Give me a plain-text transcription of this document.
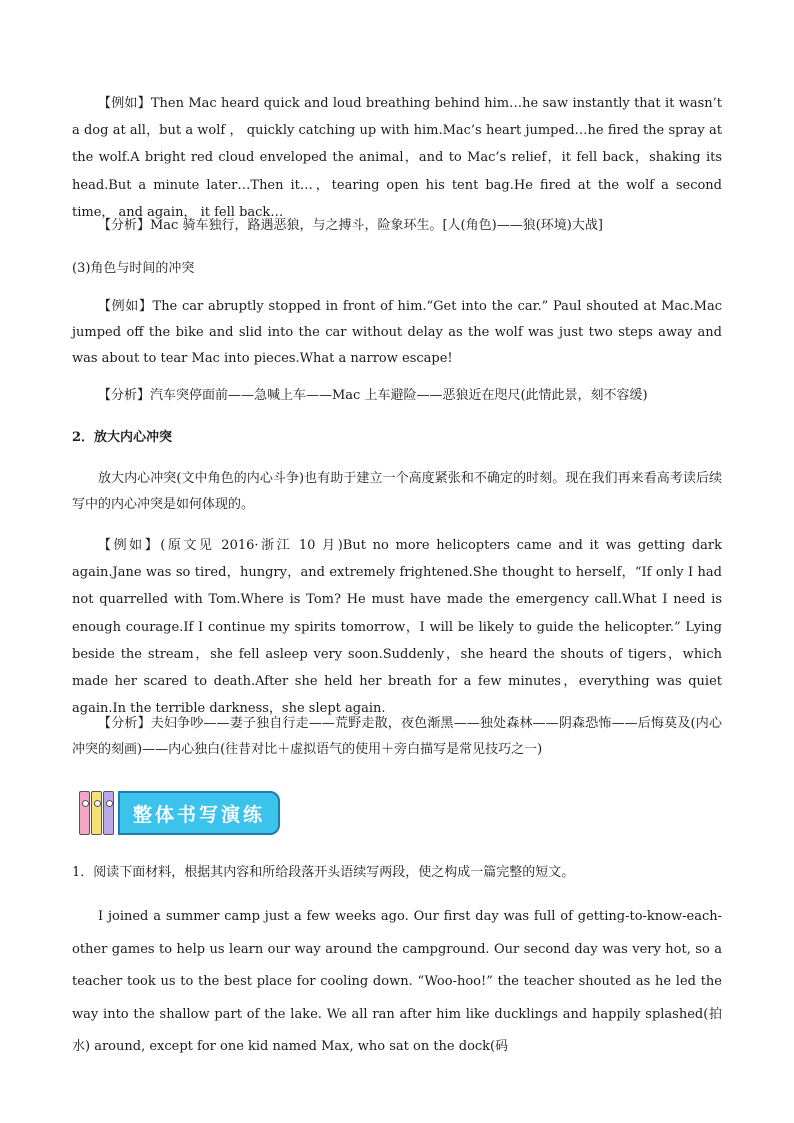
【例如】Then Mac heard quick and loud breathing behind him…he saw instantly that it wasn’t a dog at all，but a wolf ， quickly catching up with him.Mac’s heart jumped…he fired the spray at the wolf.A bright red cloud enveloped the animal，and to Mac’s relief，it fell back，shaking its head.But a minute later…Then it…，tearing open his tent bag.He fired at the wolf a second time， and again， it fell back…

【分析】Mac 骑车独行，路遇恶狼，与之搏斗，险象环生。[人(角色)——狼(环境)大战]

(3)角色与时间的冲突

【例如】The car abruptly stopped in front of him.“Get into the car.” Paul shouted at Mac.Mac jumped off the bike and slid into the car without delay as the wolf was just two steps away and was about to tear Mac into pieces.What a narrow escape!

【分析】汽车突停面前——急喊上车——Mac 上车避险——恶狼近在咫尺(此情此景，刻不容缓)

2．放大内心冲突

放大内心冲突(文中角色的内心斗争)也有助于建立一个高度紧张和不确定的时刻。现在我们再来看高考读后续写中的内心冲突是如何体现的。

【例如】(原文见 2016·浙江 10 月)But no more helicopters came and it was getting dark again.Jane was so tired，hungry，and extremely frightened.She thought to herself，“If only I had not quarrelled with Tom.Where is Tom? He must have made the emergency call.What I need is enough courage.If I continue my spirits tomorrow，I will be likely to guide the helicopter.” Lying beside the stream，she fell asleep very soon.Suddenly，she heard the shouts of tigers，which made her scared to death.After she held her breath for a few minutes，everything was quiet again.In the terrible darkness，she slept again.

【分析】夫妇争吵——妻子独自行走——荒野走散，夜色渐黑——独处森林——阴森恐怖——后悔莫及(内心冲突的刻画)——内心独白(往昔对比＋虚拟语气的使用＋旁白描写是常见技巧之一)

整体书写演练

1．阅读下面材料，根据其内容和所给段落开头语续写两段，使之构成一篇完整的短文。

I joined a summer camp just a few weeks ago. Our first day was full of getting-to-know-each-other games to help us learn our way around the campground. Our second day was very hot, so a teacher took us to the best place for cooling down. “Woo-hoo!” the teacher shouted as he led the way into the shallow part of the lake. We all ran after him like ducklings and happily splashed(拍水) around, except for one kid named Max, who sat on the dock(码
